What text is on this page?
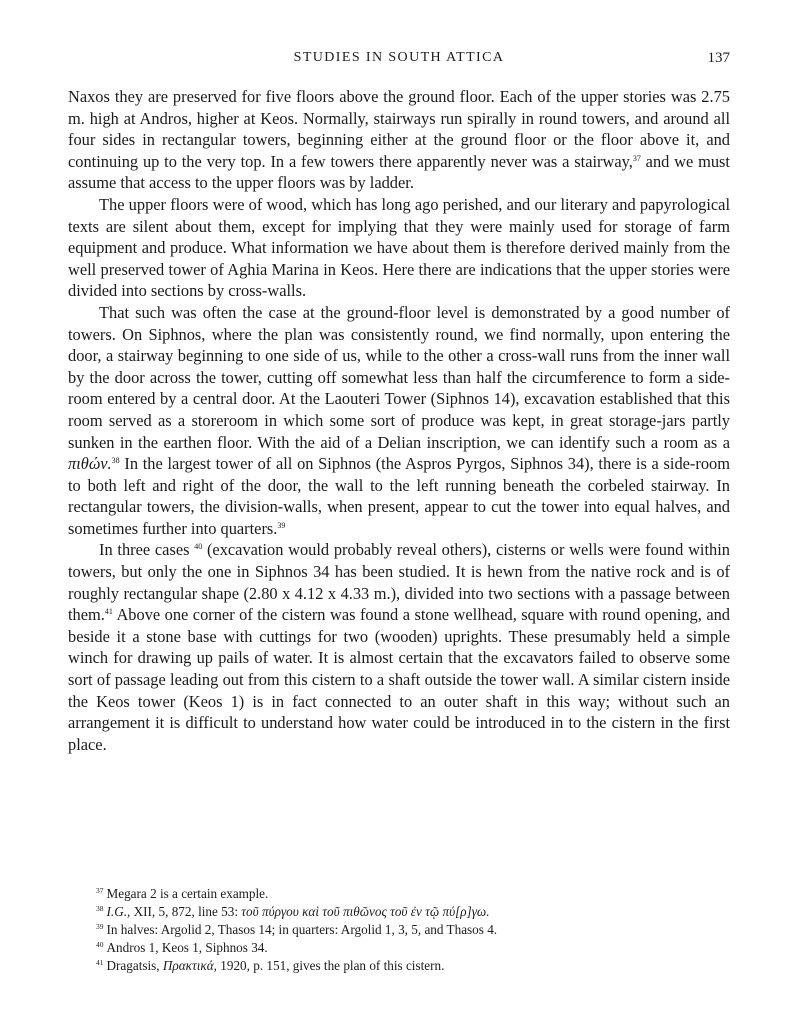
STUDIES IN SOUTH ATTICA	137

Naxos they are preserved for five floors above the ground floor. Each of the upper stories was 2.75 m. high at Andros, higher at Keos. Normally, stairways run spirally in round towers, and around all four sides in rectangular towers, beginning either at the ground floor or the floor above it, and continuing up to the very top. In a few towers there apparently never was a stairway,$^{37}$ and we must assume that access to the upper floors was by ladder.

The upper floors were of wood, which has long ago perished, and our literary and papyrological texts are silent about them, except for implying that they were mainly used for storage of farm equipment and produce. What information we have about them is therefore derived mainly from the well preserved tower of Aghia Marina in Keos. Here there are indications that the upper stories were divided into sections by cross-walls.

That such was often the case at the ground-floor level is demonstrated by a good number of towers. On Siphnos, where the plan was consistently round, we find normally, upon entering the door, a stairway beginning to one side of us, while to the other a cross-wall runs from the inner wall by the door across the tower, cutting off somewhat less than half the circumference to form a side-room entered by a central door. At the Laouteri Tower (Siphnos 14), excavation established that this room served as a storeroom in which some sort of produce was kept, in great storage-jars partly sunken in the earthen floor. With the aid of a Delian inscription, we can identify such a room as a πιθών.$^{38}$ In the largest tower of all on Siphnos (the Aspros Pyrgos, Siphnos 34), there is a side-room to both left and right of the door, the wall to the left running beneath the corbeled stairway. In rectangular towers, the division-walls, when present, appear to cut the tower into equal halves, and sometimes further into quarters.$^{39}$

In three cases $^{40}$ (excavation would probably reveal others), cisterns or wells were found within towers, but only the one in Siphnos 34 has been studied. It is hewn from the native rock and is of roughly rectangular shape (2.80 x 4.12 x 4.33 m.), divided into two sections with a passage between them.$^{41}$ Above one corner of the cistern was found a stone wellhead, square with round opening, and beside it a stone base with cuttings for two (wooden) uprights. These presumably held a simple winch for drawing up pails of water. It is almost certain that the excavators failed to observe some sort of passage leading out from this cistern to a shaft outside the tower wall. A similar cistern inside the Keos tower (Keos 1) is in fact connected to an outer shaft in this way; without such an arrangement it is difficult to understand how water could be introduced in to the cistern in the first place.

$^{37}$ Megara 2 is a certain example.
$^{38}$ I.G., XII, 5, 872, line 53: τοῦ πύργου καὶ τοῦ πιθῶνος τοῦ ἐν τῷ πύ[ρ]γω.
$^{39}$ In halves: Argolid 2, Thasos 14; in quarters: Argolid 1, 3, 5, and Thasos 4.
$^{40}$ Andros 1, Keos 1, Siphnos 34.
$^{41}$ Dragatsis, Πρακτικά, 1920, p. 151, gives the plan of this cistern.
